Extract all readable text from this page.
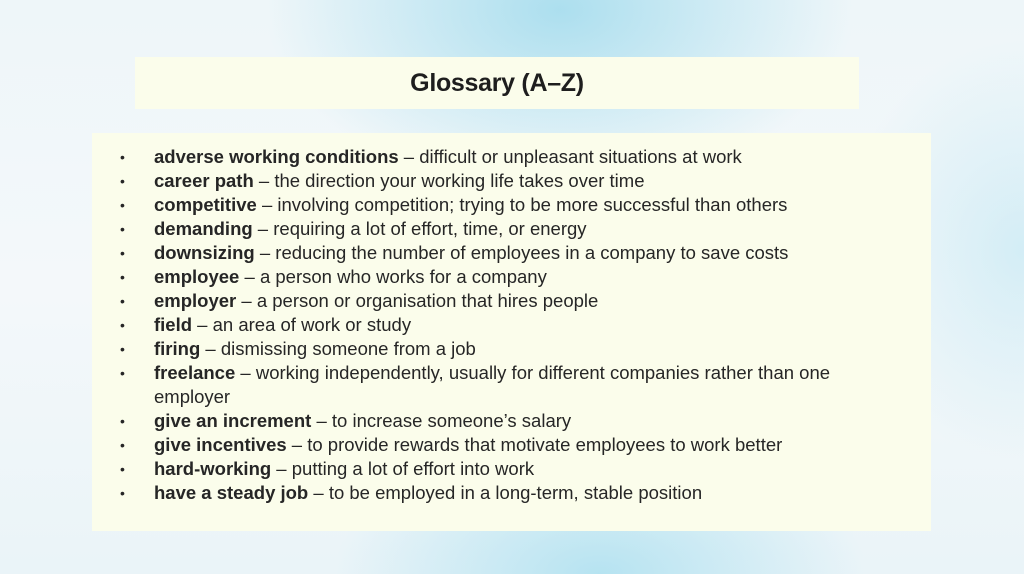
Glossary (A–Z)
• adverse working conditions – difficult or unpleasant situations at work
• career path – the direction your working life takes over time
• competitive – involving competition; trying to be more successful than others
• demanding – requiring a lot of effort, time, or energy
• downsizing – reducing the number of employees in a company to save costs
• employee – a person who works for a company
• employer – a person or organisation that hires people
• field – an area of work or study
• firing – dismissing someone from a job
• freelance – working independently, usually for different companies rather than one employer
• give an increment – to increase someone’s salary
• give incentives – to provide rewards that motivate employees to work better
• hard-working – putting a lot of effort into work
• have a steady job – to be employed in a long-term, stable position
